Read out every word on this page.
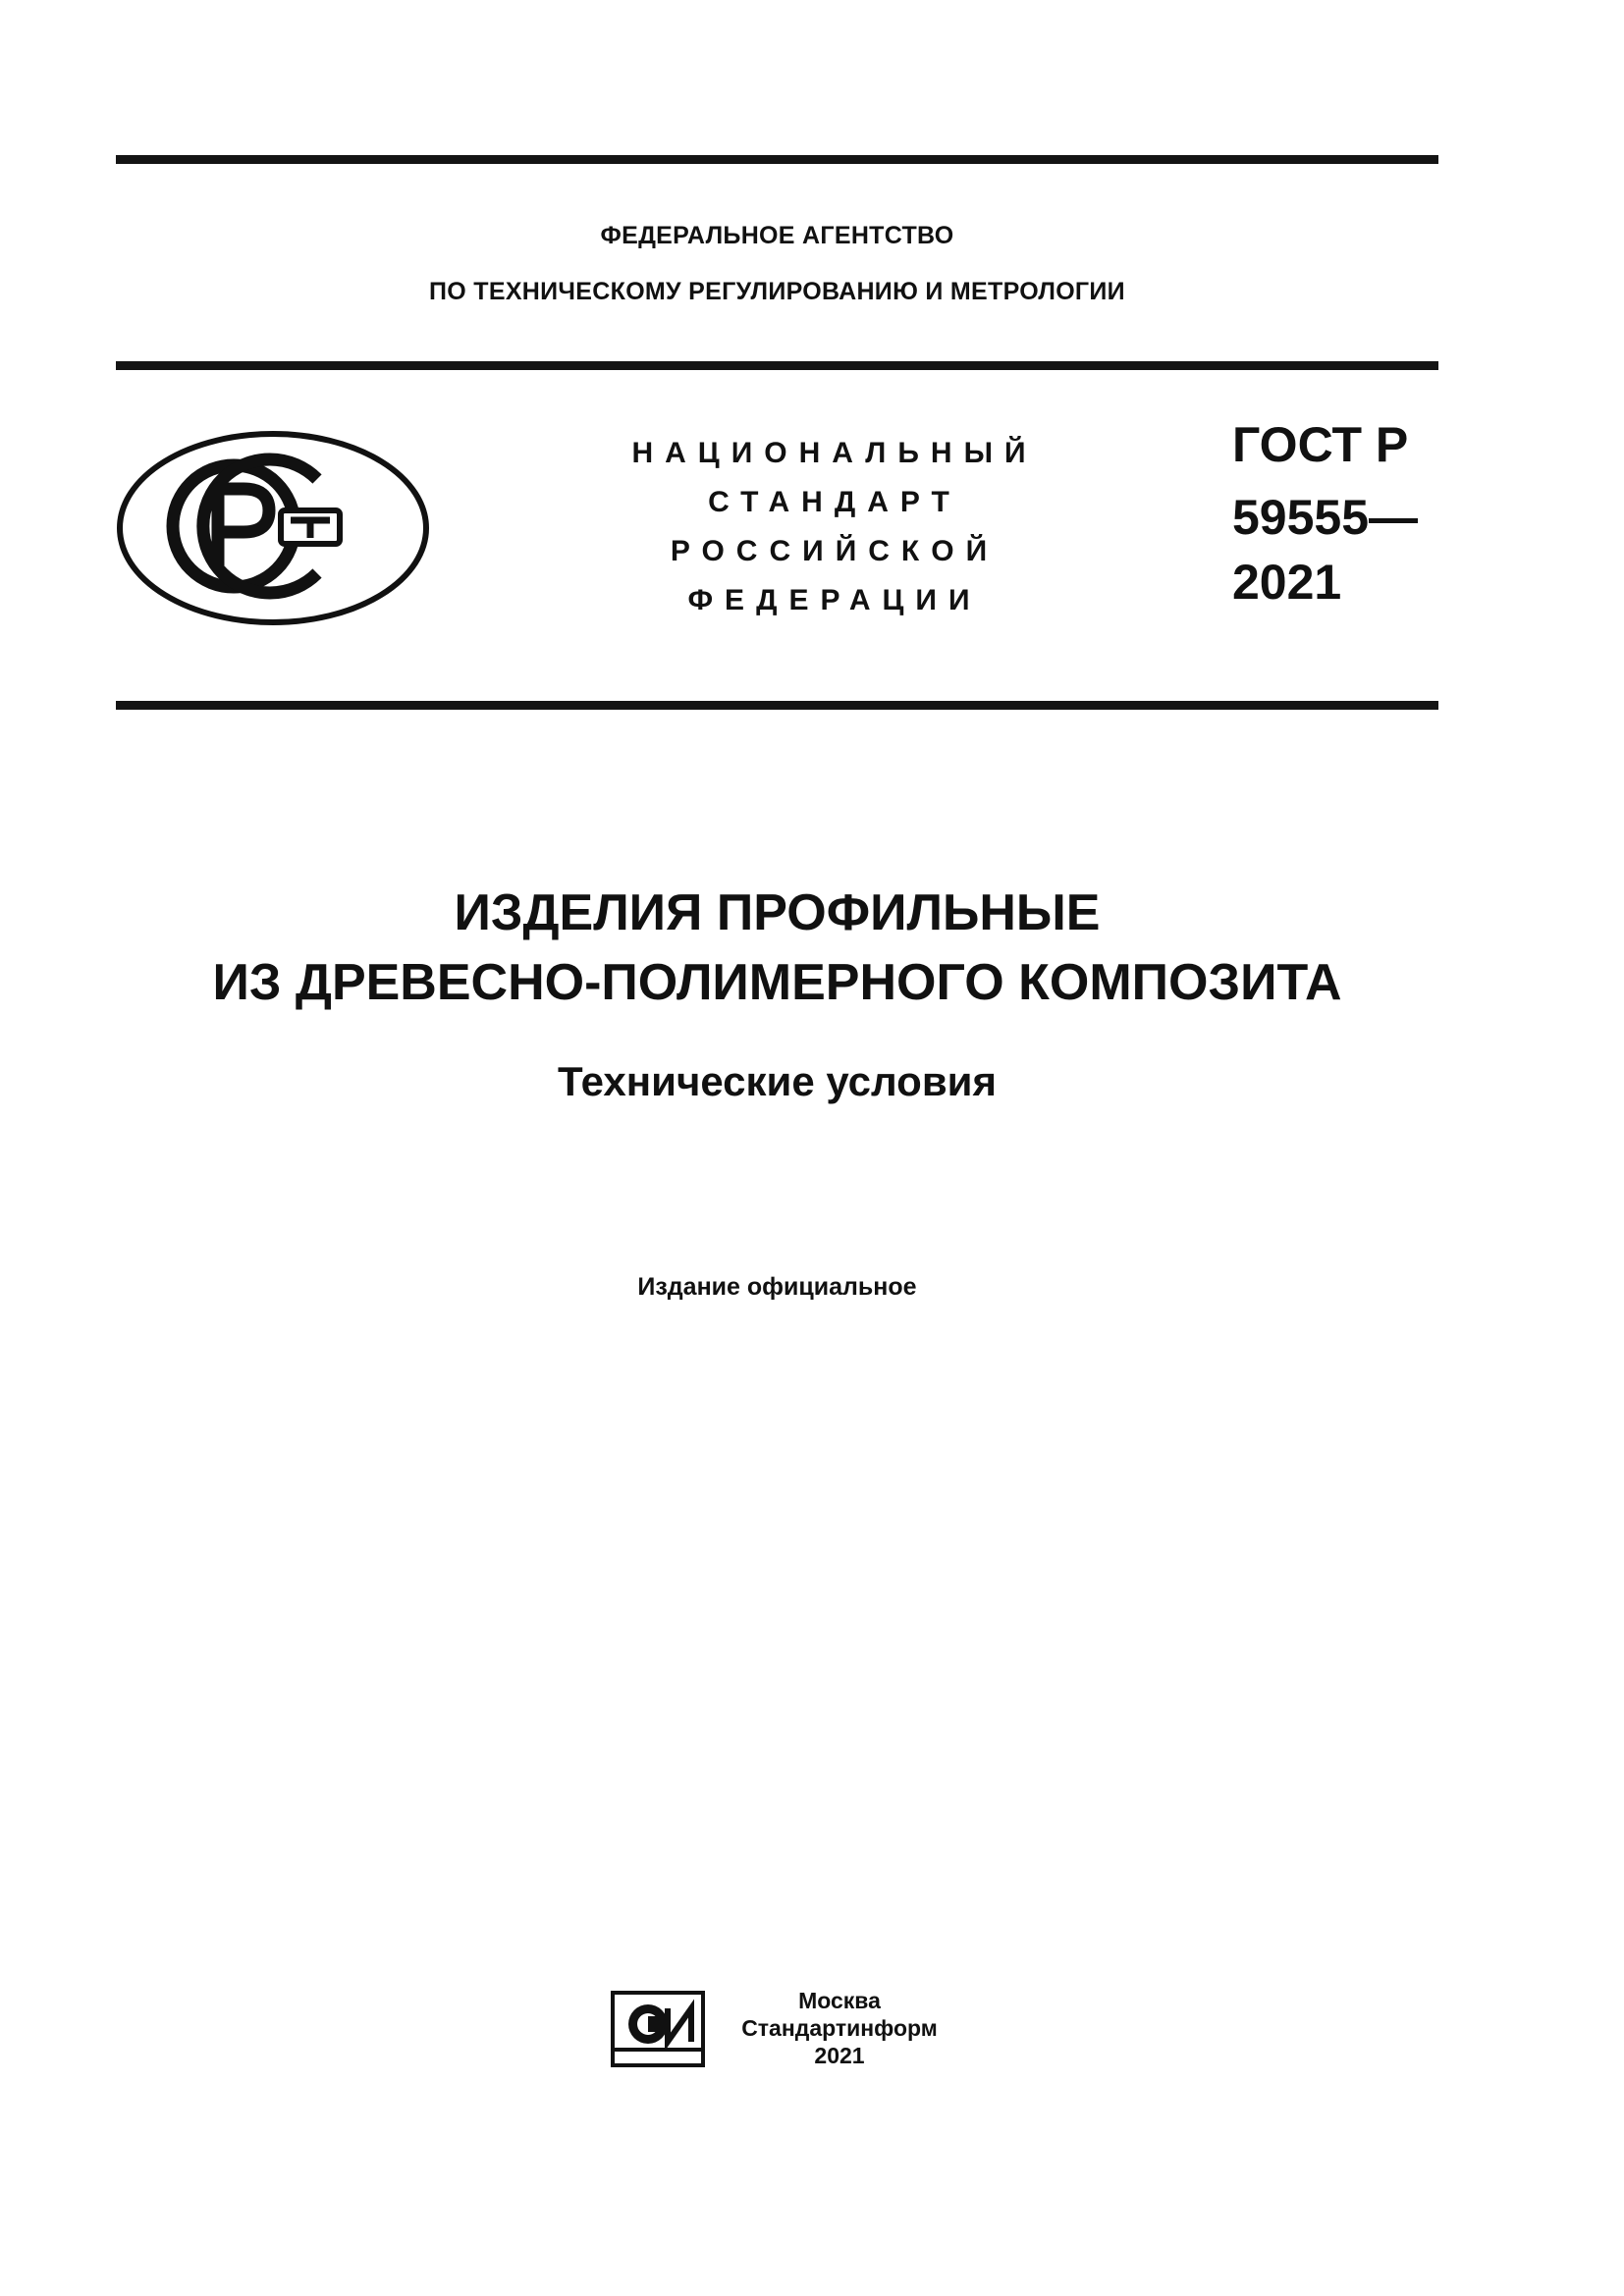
ФЕДЕРАЛЬНОЕ АГЕНТСТВО
ПО ТЕХНИЧЕСКОМУ РЕГУЛИРОВАНИЮ И МЕТРОЛОГИИ
НАЦИОНАЛЬНЫЙ
СТАНДАРТ
РОССИЙСКОЙ
ФЕДЕРАЦИИ
ГОСТ Р
59555—
2021
ИЗДЕЛИЯ ПРОФИЛЬНЫЕ
ИЗ ДРЕВЕСНО-ПОЛИМЕРНОГО КОМПОЗИТА
Технические условия
Издание официальное
Москва
Стандартинформ
2021
